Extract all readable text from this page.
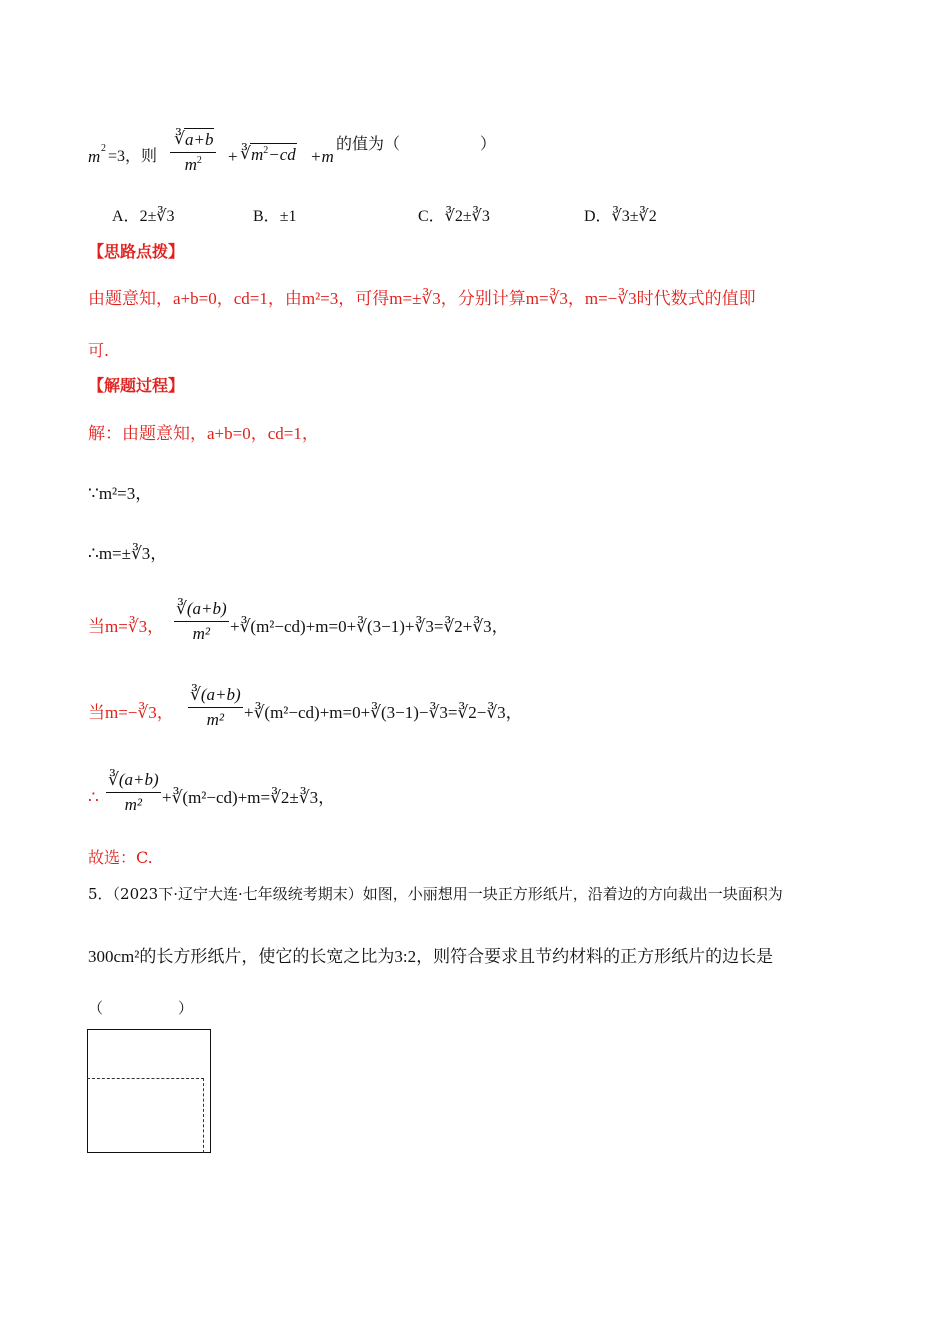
m 2 =3，则 $\frac{∛ a+b}{m^2}$ + ∛ $m^2-cd +m$
的值为（　　　　　）
A．2±∛3	B．±1	C．∛2±∛3	D．∛3±∛2
【思路点拨】
由题意知，a+b=0，cd=1，由m²=3，可得m=±∛3，分别计算m=∛3，m=−∛3时代数式的值即
可.
【解题过程】
解：由题意知，a+b=0，cd=1，
∵m²=3，
∴m=±∛3，
当m=∛3， $\frac{∛(a+b)}{\text{m²}}$ +∛(m²−cd)+m=0+∛(3−1)+∛3=∛2+∛3，
当m=−∛3， $\frac{∛(a+b)}{\text{m²}}$ +∛(m²−cd)+m=0+∛(3−1)−∛3=∛2−∛3，
∴ $\frac{∛(a+b)}{\text{m²}}$ +∛(m²−cd)+m=∛2±∛3，
故选：C.
5．（2023下·辽宁大连·七年级统考期末）如图，小丽想用一块正方形纸片，沿着边的方向裁出一块面积为
300cm²的长方形纸片，使它的长宽之比为3:2，则符合要求且节约材料的正方形纸片的边长是
（　　　　　）
